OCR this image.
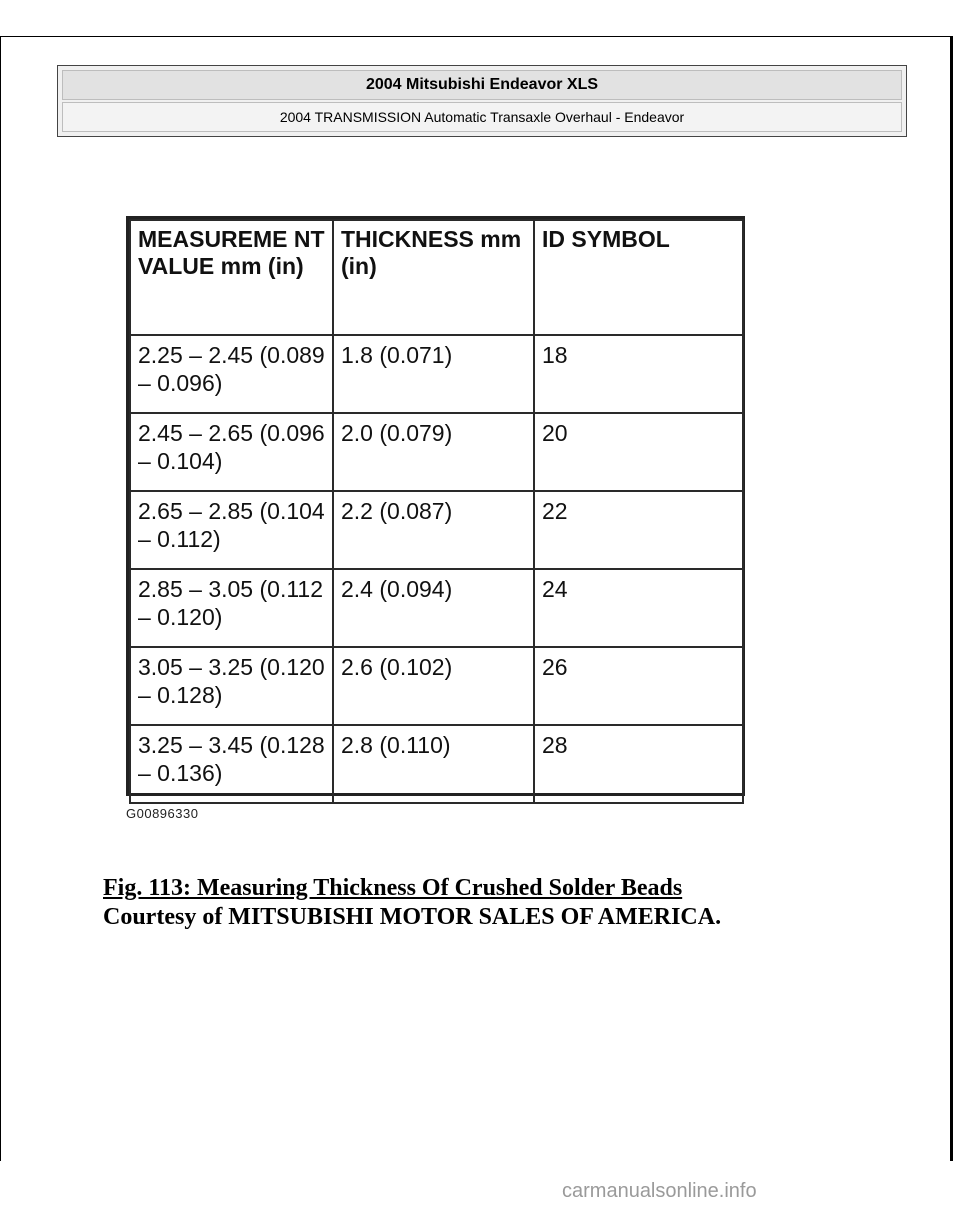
2004 Mitsubishi Endeavor XLS
2004 TRANSMISSION Automatic Transaxle Overhaul - Endeavor
MEASUREME NT VALUE mm (in)	THICKNESS mm (in)	ID SYMBOL
2.25 – 2.45 (0.089 – 0.096)	1.8 (0.071)	18
2.45 – 2.65 (0.096 – 0.104)	2.0 (0.079)	20
2.65 – 2.85 (0.104 – 0.112)	2.2 (0.087)	22
2.85 – 3.05 (0.112 – 0.120)	2.4 (0.094)	24
3.05 – 3.25 (0.120 – 0.128)	2.6 (0.102)	26
3.25 – 3.45 (0.128 – 0.136)	2.8 (0.110)	28
G00896330
Fig. 113: Measuring Thickness Of Crushed Solder Beads
Courtesy of MITSUBISHI MOTOR SALES OF AMERICA.
carmanualsonline.info
